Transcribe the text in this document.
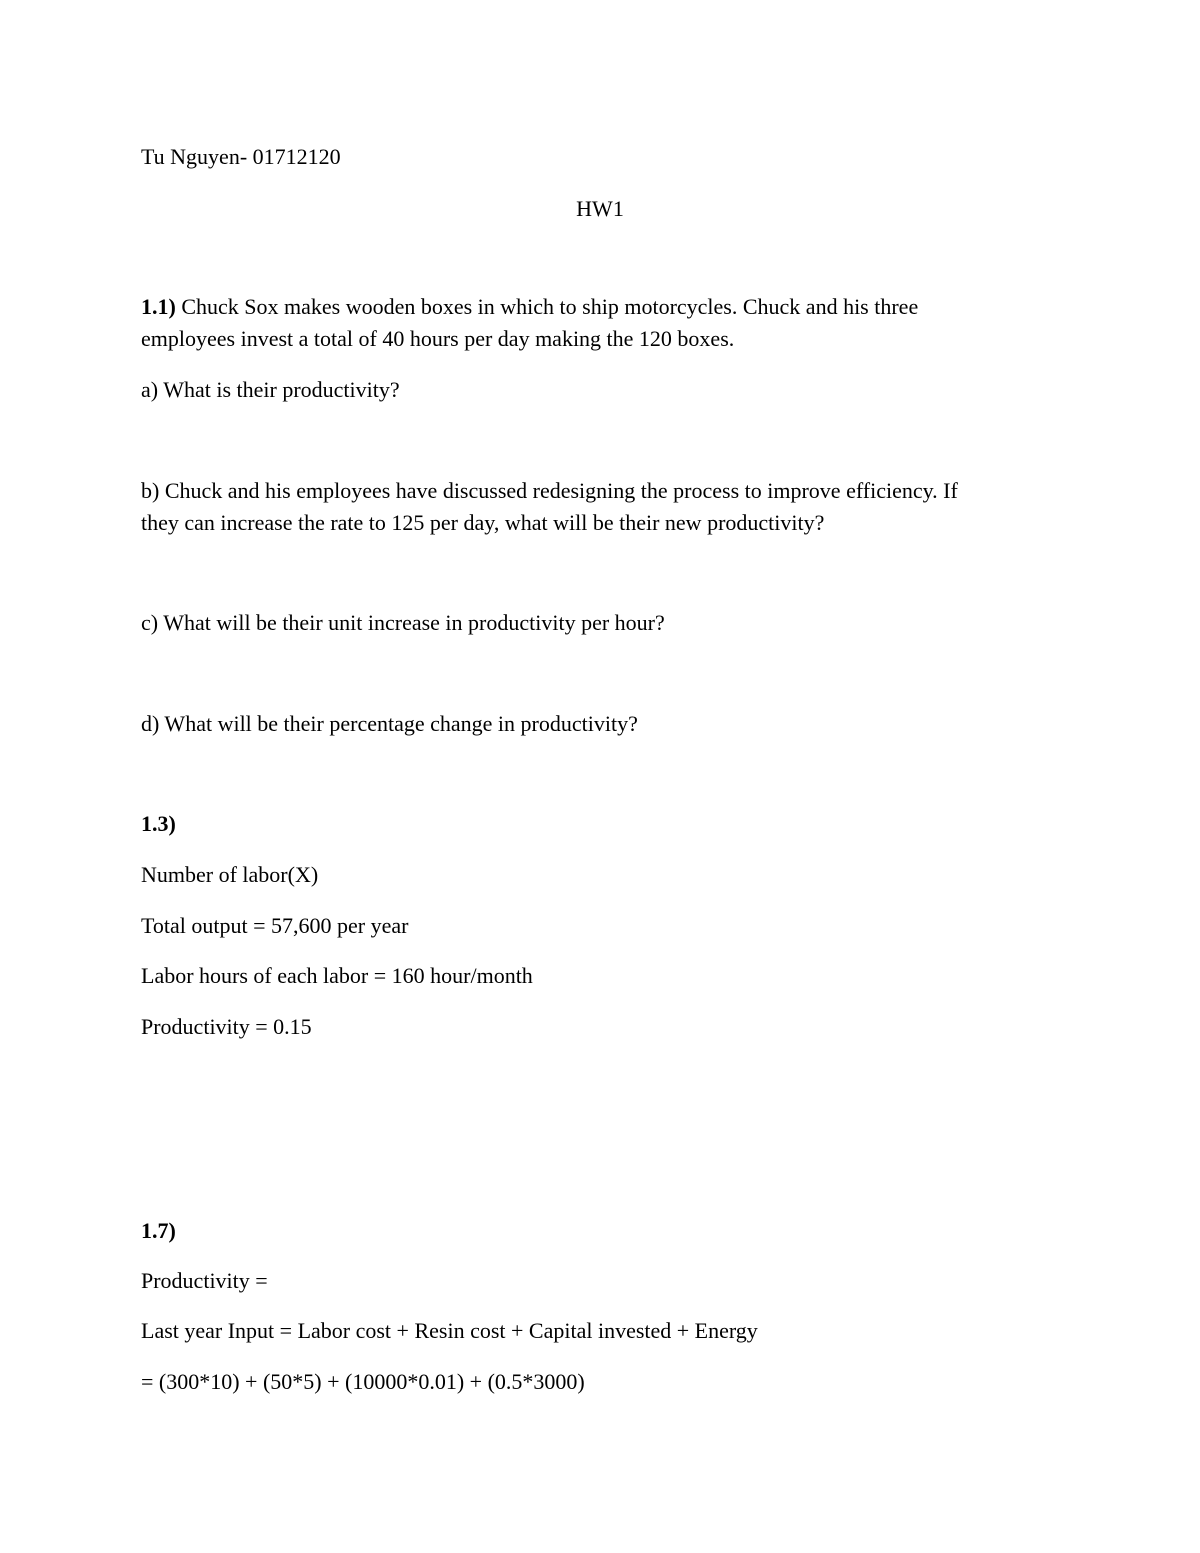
Tu Nguyen- 01712120

HW1

1.1) Chuck Sox makes wooden boxes in which to ship motorcycles. Chuck and his three
employees invest a total of 40 hours per day making the 120 boxes.

a) What is their productivity?

b) Chuck and his employees have discussed redesigning the process to improve efficiency. If
they can increase the rate to 125 per day, what will be their new productivity?

c) What will be their unit increase in productivity per hour?

d) What will be their percentage change in productivity?

1.3)

Number of labor(X)

Total output = 57,600 per year

Labor hours of each labor = 160 hour/month

Productivity = 0.15

1.7)

Productivity =

Last year Input = Labor cost + Resin cost + Capital invested + Energy

= (300*10) + (50*5) + (10000*0.01) + (0.5*3000)
